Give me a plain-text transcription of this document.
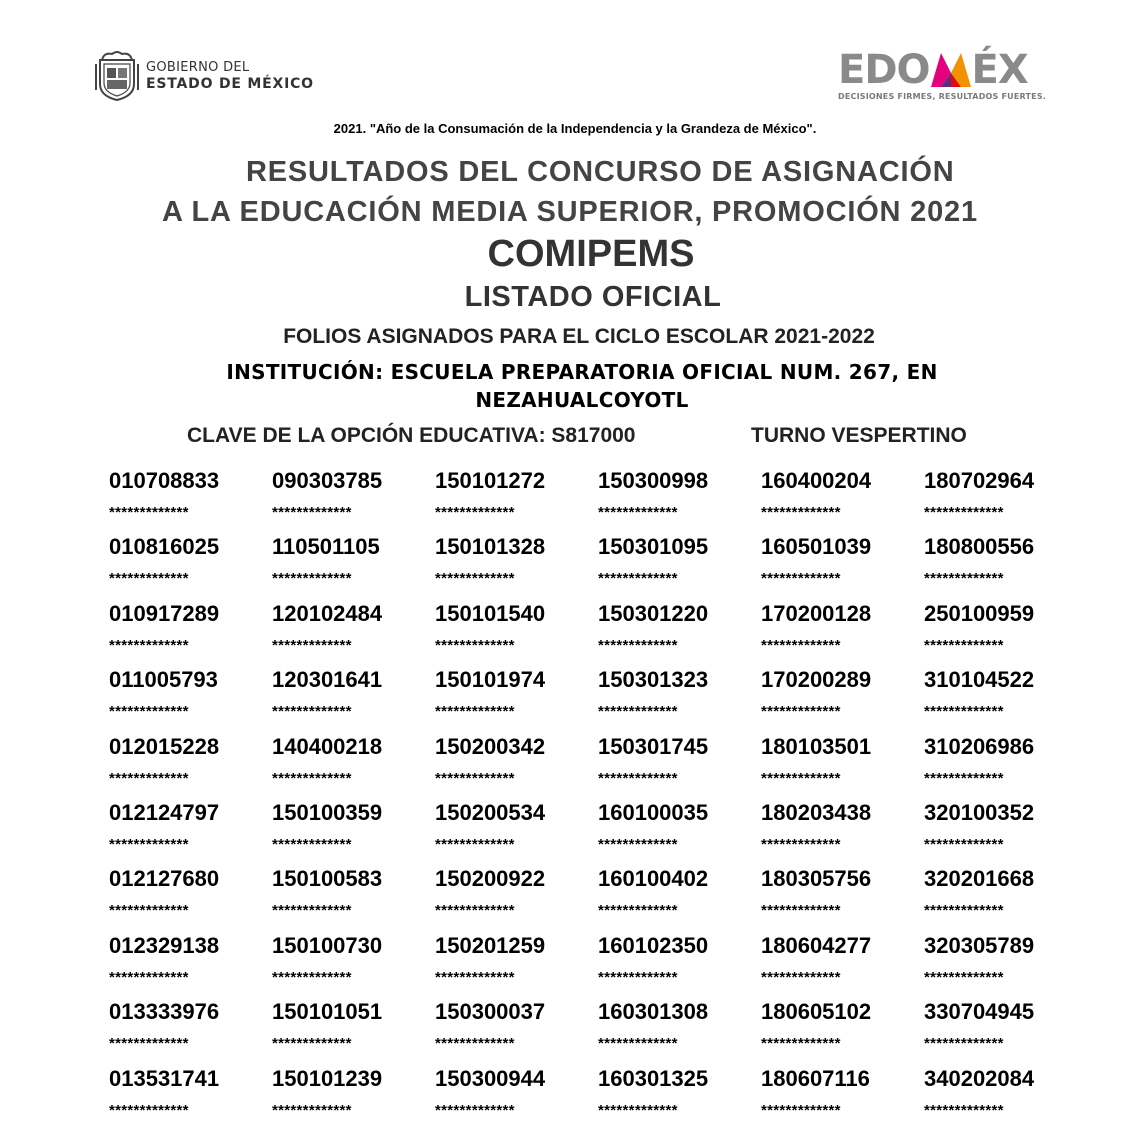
GOBIERNO DEL
ESTADO DE MÉXICO	EDO ÉX
DECISIONES FIRMES, RESULTADOS FUERTES.
2021. "Año de la Consumación de la Independencia y la Grandeza de México".
RESULTADOS DEL CONCURSO DE ASIGNACIÓN
A LA EDUCACIÓN MEDIA SUPERIOR, PROMOCIÓN 2021
COMIPEMS
LISTADO OFICIAL
FOLIOS ASIGNADOS PARA EL CICLO ESCOLAR 2021-2022
INSTITUCIÓN: ESCUELA PREPARATORIA OFICIAL NUM. 267, EN
NEZAHUALCOYOTL
CLAVE DE LA OPCIÓN EDUCATIVA: S817000	TURNO VESPERTINO
010708833
*************
090303785
*************
150101272
*************
150300998
*************
160400204
*************
180702964
*************
010816025
*************
110501105
*************
150101328
*************
150301095
*************
160501039
*************
180800556
*************
010917289
*************
120102484
*************
150101540
*************
150301220
*************
170200128
*************
250100959
*************
011005793
*************
120301641
*************
150101974
*************
150301323
*************
170200289
*************
310104522
*************
012015228
*************
140400218
*************
150200342
*************
150301745
*************
180103501
*************
310206986
*************
012124797
*************
150100359
*************
150200534
*************
160100035
*************
180203438
*************
320100352
*************
012127680
*************
150100583
*************
150200922
*************
160100402
*************
180305756
*************
320201668
*************
012329138
*************
150100730
*************
150201259
*************
160102350
*************
180604277
*************
320305789
*************
013333976
*************
150101051
*************
150300037
*************
160301308
*************
180605102
*************
330704945
*************
013531741
*************
150101239
*************
150300944
*************
160301325
*************
180607116
*************
340202084
*************
